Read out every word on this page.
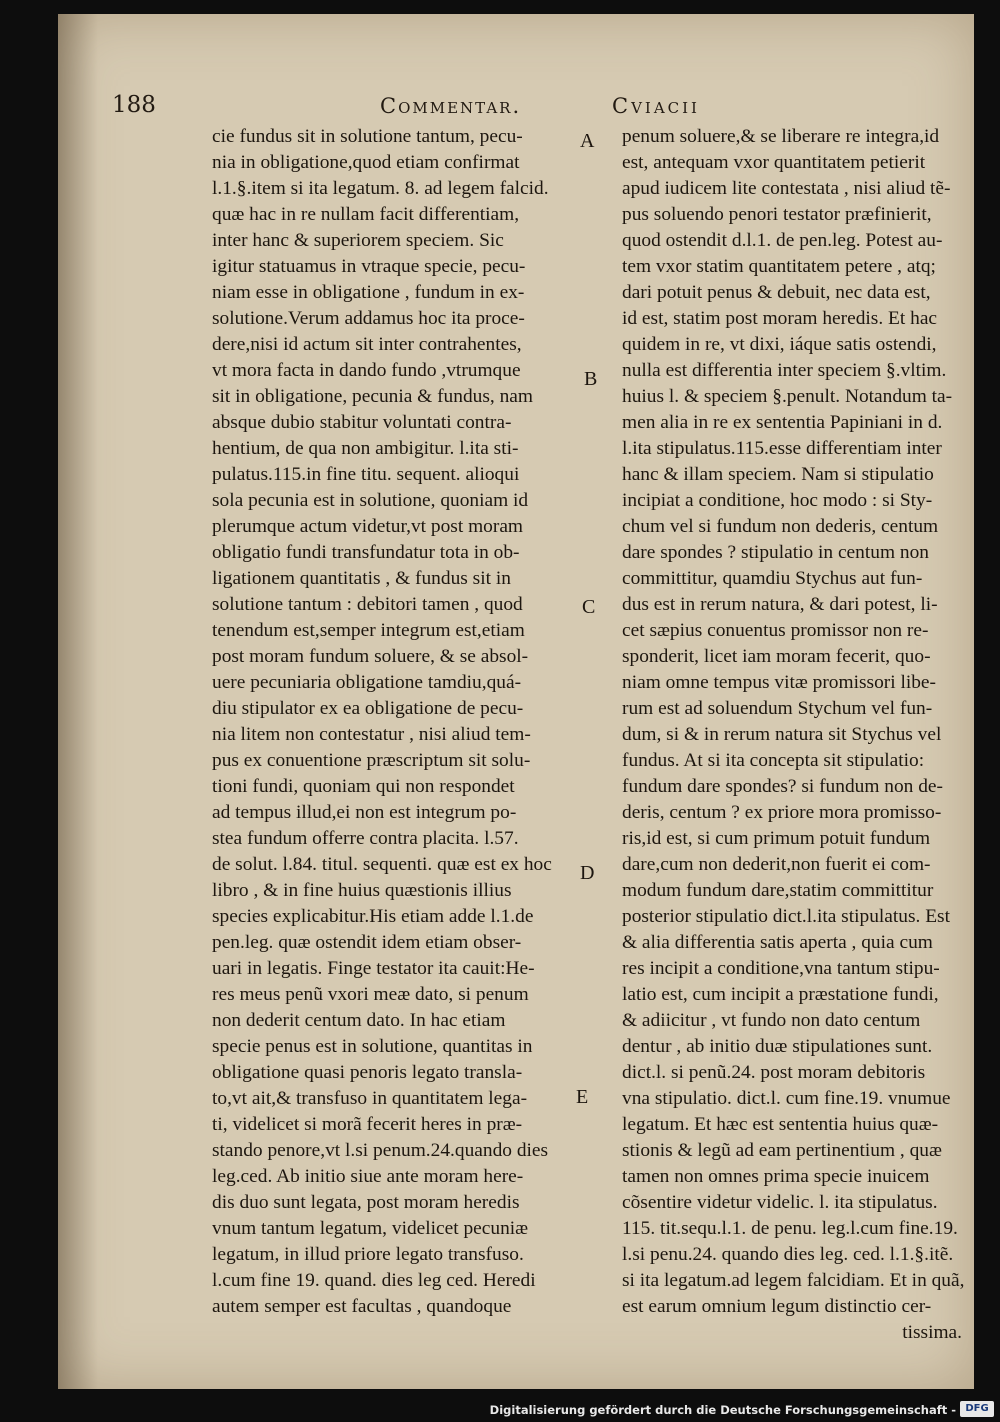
188	Commentar.	Cviacii
cie fundus sit in solutione tantum, pecu-
nia in obligatione,quod etiam confirmat
l.1.§.item si ita legatum. 8. ad legem falcid.
quæ hac in re nullam facit differentiam,
inter hanc & superiorem speciem. Sic
igitur statuamus in vtraque specie, pecu-
niam esse in obligatione , fundum in ex-
solutione.Verum addamus hoc ita proce-
dere,nisi id actum sit inter contrahentes,
vt mora facta in dando fundo ,vtrumque
sit in obligatione, pecunia & fundus, nam
absque dubio stabitur voluntati contra-
hentium, de qua non ambigitur. l.ita sti-
pulatus.115.in fine titu. sequent. alioqui
sola pecunia est in solutione, quoniam id
plerumque actum videtur,vt post moram
obligatio fundi transfundatur tota in ob-
ligationem quantitatis , & fundus sit in
solutione tantum : debitori tamen , quod
tenendum est,semper integrum est,etiam
post moram fundum soluere, & se absol-
uere pecuniaria obligatione tamdiu,quá-
diu stipulator ex ea obligatione de pecu-
nia litem non contestatur , nisi aliud tem-
pus ex conuentione præscriptum sit solu-
tioni fundi, quoniam qui non respondet
ad tempus illud,ei non est integrum po-
stea fundum offerre contra placita. l.57.
de solut. l.84. titul. sequenti. quæ est ex hoc
libro , & in fine huius quæstionis illius
species explicabitur.His etiam adde l.1.de
pen.leg. quæ ostendit idem etiam obser-
uari in legatis. Finge testator ita cauit:He-
res meus penũ vxori meæ dato, si penum
non dederit centum dato. In hac etiam
specie penus est in solutione, quantitas in
obligatione quasi penoris legato transla-
to,vt ait,& transfuso in quantitatem lega-
ti, videlicet si morã fecerit heres in præ-
stando penore,vt l.si penum.24.quando dies
leg.ced. Ab initio siue ante moram here-
dis duo sunt legata, post moram heredis
vnum tantum legatum, videlicet pecuniæ
legatum, in illud priore legato transfuso.
l.cum fine 19. quand. dies leg ced. Heredi
autem semper est facultas , quandoque
penum soluere,& se liberare re integra,id
est, antequam vxor quantitatem petierit
apud iudicem lite contestata , nisi aliud tẽ-
pus soluendo penori testator præfinierit,
quod ostendit d.l.1. de pen.leg. Potest au-
tem vxor statim quantitatem petere , atq;
dari potuit penus & debuit, nec data est,
id est, statim post moram heredis. Et hac
quidem in re, vt dixi, iáque satis ostendi,
nulla est differentia inter speciem §.vltim.
huius l. & speciem §.penult. Notandum ta-
men alia in re ex sententia Papiniani in d.
l.ita stipulatus.115.esse differentiam inter
hanc & illam speciem. Nam si stipulatio
incipiat a conditione, hoc modo : si Sty-
chum vel si fundum non dederis, centum
dare spondes ? stipulatio in centum non
committitur, quamdiu Stychus aut fun-
dus est in rerum natura, & dari potest, li-
cet sæpius conuentus promissor non re-
sponderit, licet iam moram fecerit, quo-
niam omne tempus vitæ promissori libe-
rum est ad soluendum Stychum vel fun-
dum, si & in rerum natura sit Stychus vel
fundus. At si ita concepta sit stipulatio:
fundum dare spondes? si fundum non de-
deris, centum ? ex priore mora promisso-
ris,id est, si cum primum potuit fundum
dare,cum non dederit,non fuerit ei com-
modum fundum dare,statim committitur
posterior stipulatio dict.l.ita stipulatus. Est
& alia differentia satis aperta , quia cum
res incipit a conditione,vna tantum stipu-
latio est, cum incipit a præstatione fundi,
& adiicitur , vt fundo non dato centum
dentur , ab initio duæ stipulationes sunt.
dict.l. si penũ.24. post moram debitoris
vna stipulatio. dict.l. cum fine.19. vnumue
legatum. Et hæc est sententia huius quæ-
stionis & legũ ad eam pertinentium , quæ
tamen non omnes prima specie inuicem
cõsentire videtur videlic. l. ita stipulatus.
115. tit.sequ.l.1. de penu. leg.l.cum fine.19.
l.si penu.24. quando dies leg. ced. l.1.§.itẽ.
si ita legatum.ad legem falcidiam. Et in quã,
est earum omnium legum distinctio cer-
tissima.
A
B
C
D
E
Digitalisierung gefördert durch die Deutsche Forschungsgemeinschaft - DFG
